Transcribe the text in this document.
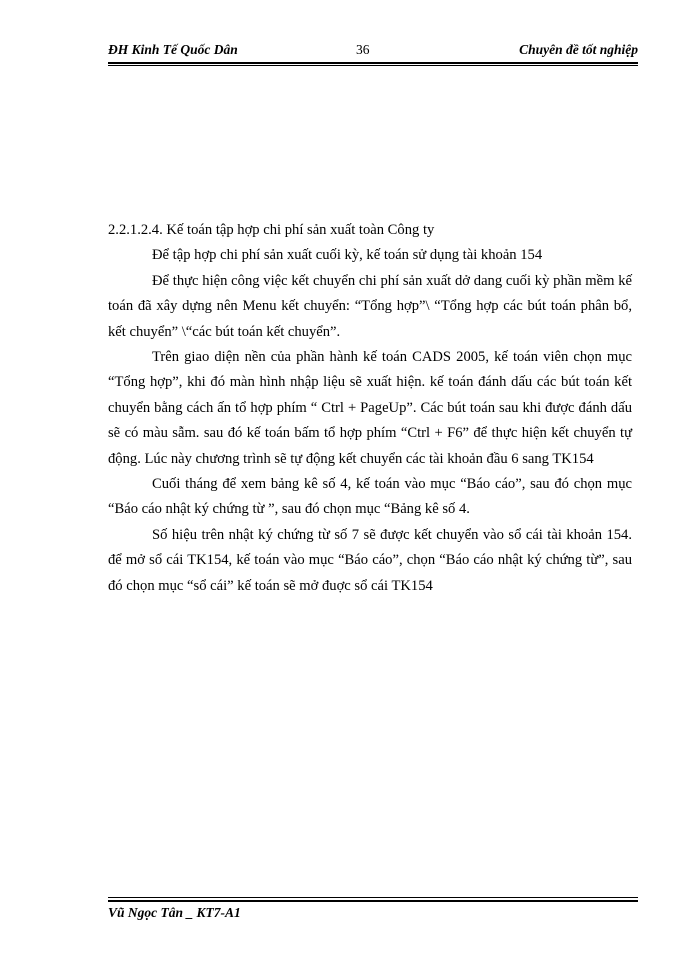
ĐH Kinh Tế Quốc Dân	36	Chuyên đề tốt nghiệp

2.2.1.2.4. Kế toán tập hợp chi phí sản xuất toàn Công ty

Để tập hợp chi phí sản xuất cuối kỳ, kế toán sử dụng tài khoản 154

Để thực hiện công việc kết chuyển chi phí sản xuất dở dang cuối kỳ phần mềm kế toán đã xây dựng nên Menu kết chuyển: “Tổng hợp”\ “Tổng hợp các bút toán phân bổ, kết chuyển” \“các bút toán kết chuyển”.

Trên giao diện nền của phần hành kế toán CADS 2005, kế toán viên chọn mục “Tổng hợp”, khi đó màn hình nhập liệu sẽ xuất hiện. kế toán đánh dấu các bút toán kết chuyển bằng cách ấn tổ hợp phím “ Ctrl + PageUp”. Các bút toán sau khi được đánh dấu sẽ có màu sẫm. sau đó kế toán bấm tổ hợp phím “Ctrl + F6” để thực hiện kết chuyển tự động. Lúc này chương trình sẽ tự động kết chuyển các tài khoản đầu 6 sang TK154

Cuối tháng để xem bảng kê số 4, kế toán vào mục “Báo cáo”, sau đó chọn mục “Báo cáo nhật ký chứng từ ”, sau đó chọn mục “Bảng kê số 4.

Số hiệu trên nhật ký chứng từ số 7 sẽ được kết chuyển vào sổ cái tài khoản 154. để mở sổ cái TK154, kế toán vào mục “Báo cáo”, chọn “Báo cáo nhật ký chứng từ”, sau đó chọn mục “sổ cái” kế toán sẽ mở đuợc sổ cái TK154

Vũ Ngọc Tân _ KT7-A1
